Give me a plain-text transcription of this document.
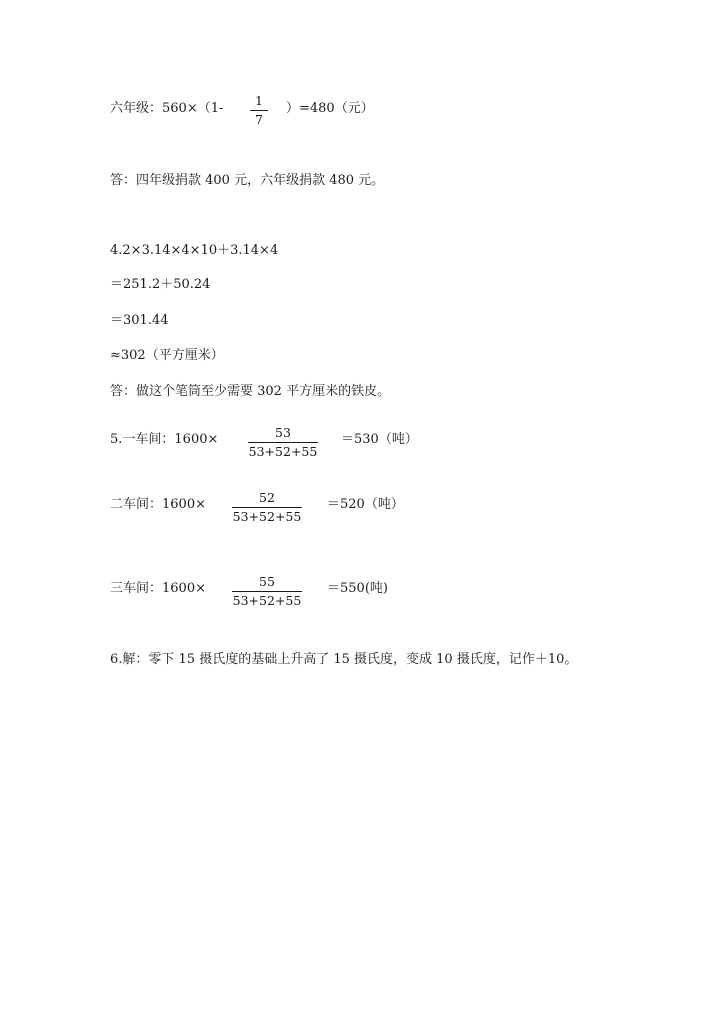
六年级：560×（1-
1
7
）=480（元）
答：四年级捐款 400 元，六年级捐款 480 元。
4.2×3.14×4×10＋3.14×4
＝251.2＋50.24
＝301.44
≈302（平方厘米）
答：做这个笔筒至少需要 302 平方厘米的铁皮。
5.一车间：1600×	53
53+52+55
＝530（吨）
二车间：1600×	52
53+52+55
＝520（吨）
三车间：1600×	55
53+52+55
＝550(吨)
6.解：零下 15 摄氏度的基础上升高了 15 摄氏度，变成 10 摄氏度，记作＋10。
